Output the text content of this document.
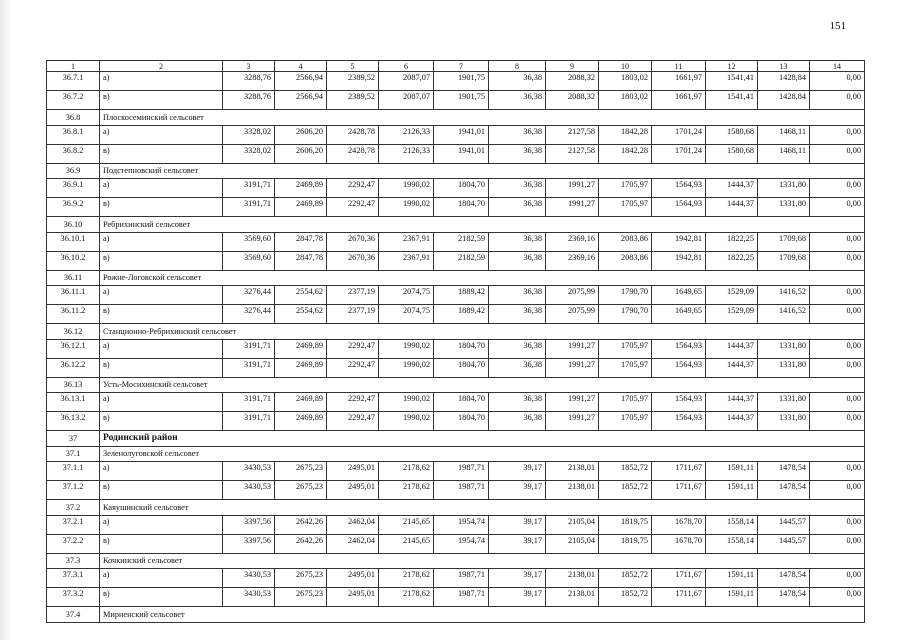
151
1	2	3	4	5	6	7	8	9	10	11	12	13	14
36.7.1	а)	3288,76	2566,94	2389,52	2087,07	1901,75	36,38	2088,32	1803,02	1661,97	1541,41	1428,84	0,00
36.7.2	в)	3288,76	2566,94	2389,52	2087,07	1901,75	36,38	2088,32	1803,02	1661,97	1541,41	1428,84	0,00
36.8	Плоскосеминский сельсовет												
36.8.1	а)	3328,02	2606,20	2428,78	2126,33	1941,01	36,38	2127,58	1842,28	1701,24	1580,68	1468,11	0,00
36.8.2	в)	3328,02	2606,20	2428,78	2126,33	1941,01	36,38	2127,58	1842,28	1701,24	1580,68	1468,11	0,00
36.9	Подстепновский сельсовет												
36.9.1	а)	3191,71	2469,89	2292,47	1990,02	1804,70	36,38	1991,27	1705,97	1564,93	1444,37	1331,80	0,00
36.9.2	в)	3191,71	2469,89	2292,47	1990,02	1804,70	36,38	1991,27	1705,97	1564,93	1444,37	1331,80	0,00
36.10	Ребрихинский сельсовет												
36.10.1	а)	3569,60	2847,78	2670,36	2367,91	2182,59	36,38	2369,16	2083,86	1942,81	1822,25	1709,68	0,00
36.10.2	в)	3569,60	2847,78	2670,36	2367,91	2182,59	36,38	2369,16	2083,86	1942,81	1822,25	1709,68	0,00
36.11	Рожне-Логовской сельсовет												
36.11.1	а)	3276,44	2554,62	2377,19	2074,75	1889,42	36,38	2075,99	1790,70	1649,65	1529,09	1416,52	0,00
36.11.2	в)	3276,44	2554,62	2377,19	2074,75	1889,42	36,38	2075,99	1790,70	1649,65	1529,09	1416,52	0,00
36.12	Станционно-Ребрихинский сельсовет												
36.12.1	а)	3191,71	2469,89	2292,47	1990,02	1804,70	36,38	1991,27	1705,97	1564,93	1444,37	1331,80	0,00
36.12.2	в)	3191,71	2469,89	2292,47	1990,02	1804,70	36,38	1991,27	1705,97	1564,93	1444,37	1331,80	0,00
36.13	Усть-Мосихинский сельсовет												
36.13.1	а)	3191,71	2469,89	2292,47	1990,02	1804,70	36,38	1991,27	1705,97	1564,93	1444,37	1331,80	0,00
36.13.2	в)	3191,71	2469,89	2292,47	1990,02	1804,70	36,38	1991,27	1705,97	1564,93	1444,37	1331,80	0,00
37	Родинский район												
37.1	Зеленолуговской сельсовет												
37.1.1	а)	3430,53	2675,23	2495,01	2178,62	1987,71	39,17	2138,01	1852,72	1711,67	1591,11	1478,54	0,00
37.1.2	в)	3430,53	2675,23	2495,01	2178,62	1987,71	39,17	2138,01	1852,72	1711,67	1591,11	1478,54	0,00
37.2	Каяушинский сельсовет												
37.2.1	а)	3397,56	2642,26	2462,04	2145,65	1954,74	39,17	2105,04	1819,75	1678,70	1558,14	1445,57	0,00
37.2.2	в)	3397,56	2642,26	2462,04	2145,65	1954,74	39,17	2105,04	1819,75	1678,70	1558,14	1445,57	0,00
37.3	Кочкинский сельсовет												
37.3.1	а)	3430,53	2675,23	2495,01	2178,62	1987,71	39,17	2138,01	1852,72	1711,67	1591,11	1478,54	0,00
37.3.2	в)	3430,53	2675,23	2495,01	2178,62	1987,71	39,17	2138,01	1852,72	1711,67	1591,11	1478,54	0,00
37.4	Мирненский сельсовет												
